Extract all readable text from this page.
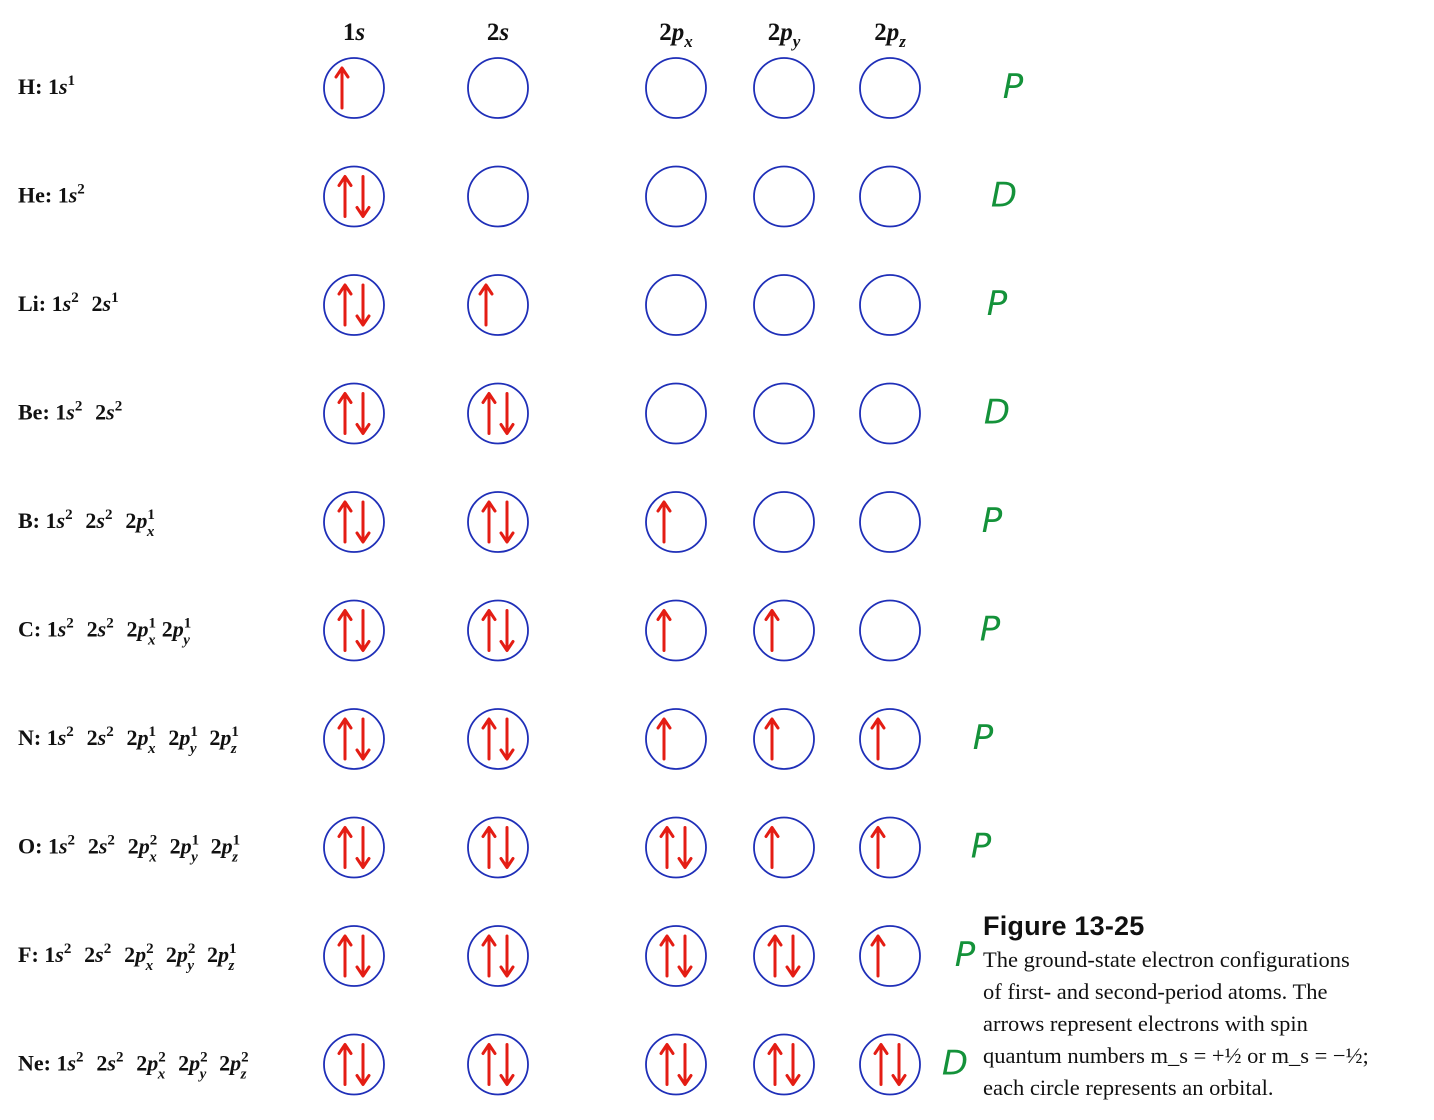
1s	2s	$2p_x$	$2p_y$	$2p_z$
H: $1s^1$ 	P
He: $1s^2$ 	D
Li: $1s^2$   $2s^1$ 	P
Be: $1s^2$   $2s^2$ 	D
B: $1s^2$   $2s^2$   $2p^1$ x 	P
C: $1s^2$   $2s^2$   $2p^1$ x   $2p^1$ y 	P
N: $1s^2$   $2s^2$   $2p^1$ x   $2p^1$ y   $2p^1$ z 	P
O: $1s^2$   $2s^2$   $2p^2$ x   $2p^1$ y   $2p^1$ z 	P
F: $1s^2$   $2s^2$   $2p^2$ x   $2p^2$ y   $2p^1$ z 	P
Ne: $1s^2$   $2s^2$   $2p^2$ x   $2p^2$ y   $2p^2$ z 	D
Figure 13-25
The ground-state electron configurations
of first- and second-period atoms. The
arrows represent electrons with spin
quantum numbers m_s = +½ or m_s = −½;
each circle represents an orbital.
